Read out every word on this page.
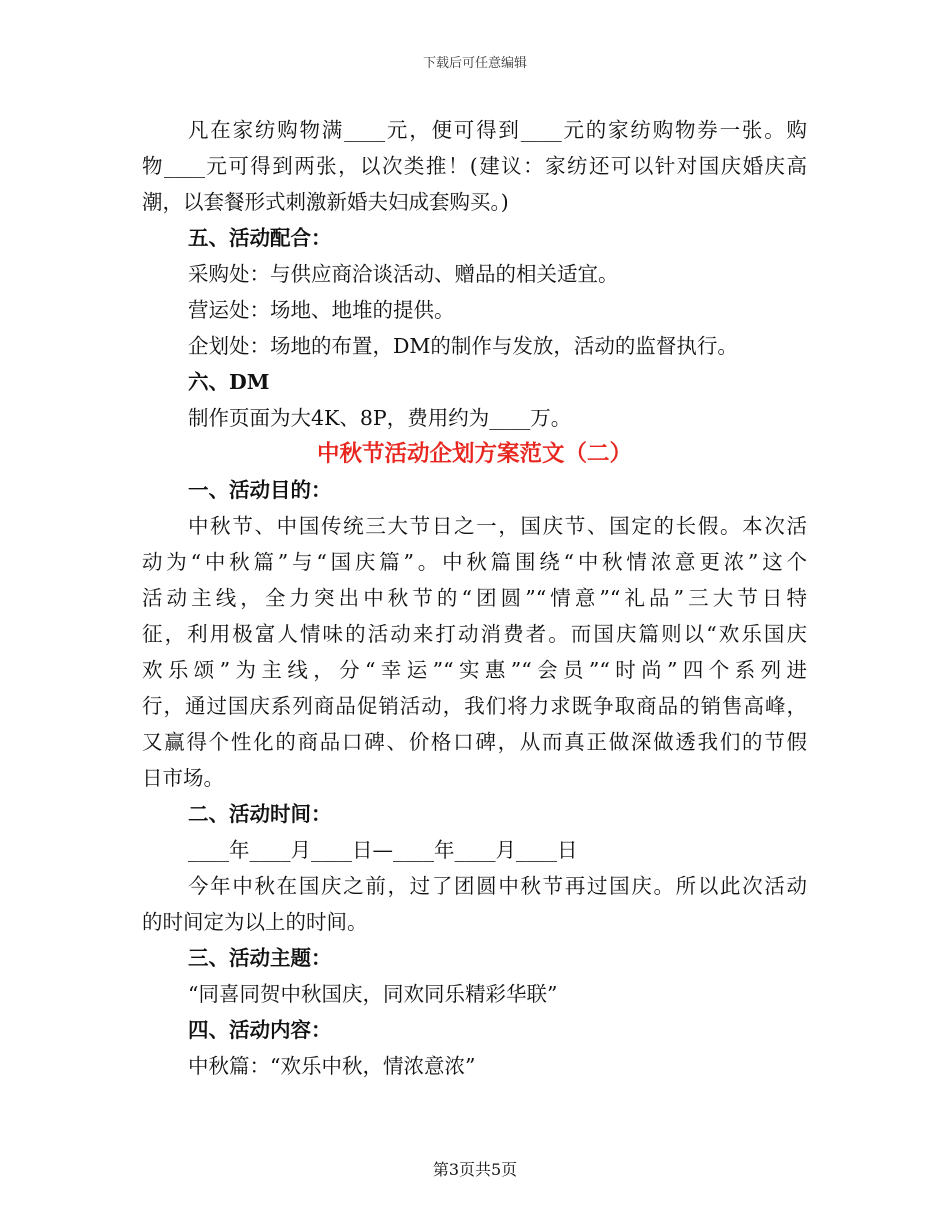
下载后可任意编辑
凡在家纺购物满____元，便可得到____元的家纺购物券一张。购
物____元可得到两张，以次类推！(建议：家纺还可以针对国庆婚庆高
潮，以套餐形式刺激新婚夫妇成套购买。)
五、活动配合：
采购处：与供应商洽谈活动、赠品的相关适宜。
营运处：场地、地堆的提供。
企划处：场地的布置，DM的制作与发放，活动的监督执行。
六、DM
制作页面为大4K、8P，费用约为____万。
中秋节活动企划方案范文（二）
一、活动目的：
中秋节、中国传统三大节日之一，国庆节、国定的长假。本次活
动为“中秋篇”与“国庆篇”。中秋篇围绕“中秋情浓意更浓”这个
活动主线，全力突出中秋节的“团圆”“情意”“礼品”三大节日特
征，利用极富人情味的活动来打动消费者。而国庆篇则以“欢乐国庆
欢乐颂”为主线，分“幸运”“实惠”“会员”“时尚”四个系列进
行，通过国庆系列商品促销活动，我们将力求既争取商品的销售高峰，
又赢得个性化的商品口碑、价格口碑，从而真正做深做透我们的节假
日市场。
二、活动时间：
____年____月____日—____年____月____日
今年中秋在国庆之前，过了团圆中秋节再过国庆。所以此次活动
的时间定为以上的时间。
三、活动主题：
“同喜同贺中秋国庆，同欢同乐精彩华联”
四、活动内容：
中秋篇：“欢乐中秋，情浓意浓”
第3页共5页
